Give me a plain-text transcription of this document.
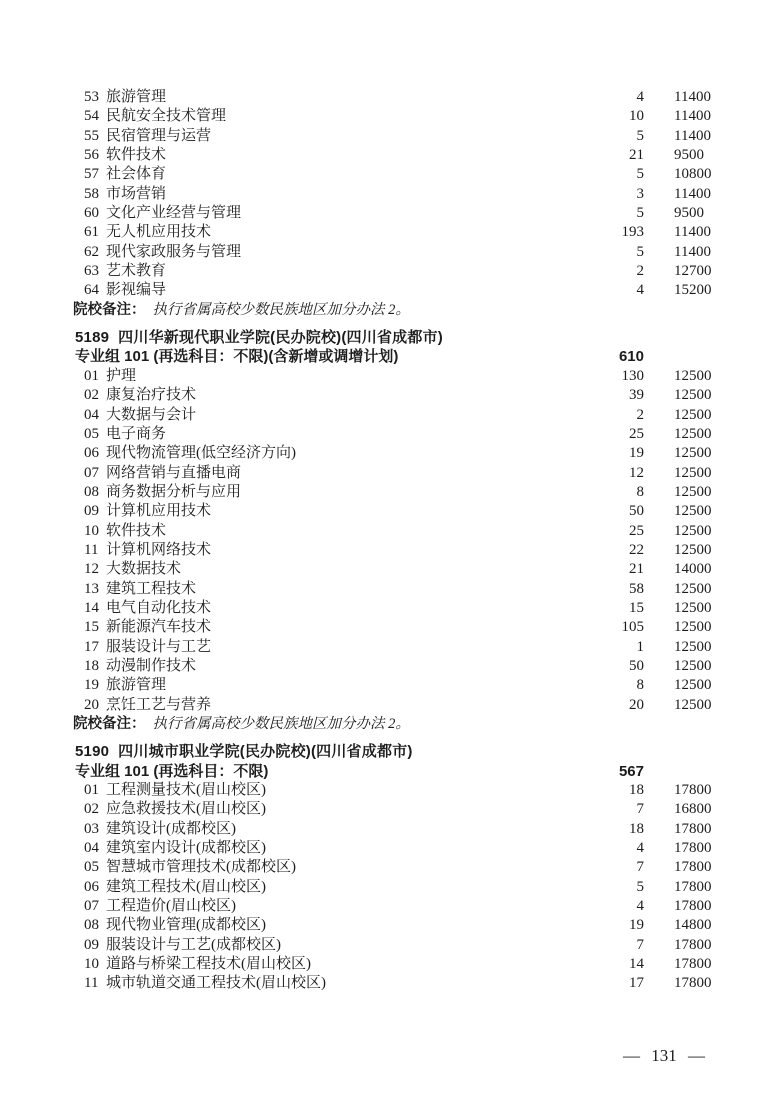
53 旅游管理	4 11400
54 民航安全技术管理	10 11400
55 民宿管理与运营	5 11400
56 软件技术	21 9500
57 社会体育	5 10800
58 市场营销	3 11400
60 文化产业经营与管理	5 9500
61 无人机应用技术	193 11400
62 现代家政服务与管理	5 11400
63 艺术教育	2 12700
64 影视编导	4 15200
院校备注： 执行省属高校少数民族地区加分办法 2。
5189 四川华新现代职业学院(民办院校)(四川省成都市)
专业组 101 (再选科目：不限)(含新增或调增计划)	610
01 护理	130 12500
02 康复治疗技术	39 12500
04 大数据与会计	2 12500
05 电子商务	25 12500
06 现代物流管理(低空经济方向)	19 12500
07 网络营销与直播电商	12 12500
08 商务数据分析与应用	8 12500
09 计算机应用技术	50 12500
10 软件技术	25 12500
11 计算机网络技术	22 12500
12 大数据技术	21 14000
13 建筑工程技术	58 12500
14 电气自动化技术	15 12500
15 新能源汽车技术	105 12500
17 服装设计与工艺	1 12500
18 动漫制作技术	50 12500
19 旅游管理	8 12500
20 烹饪工艺与营养	20 12500
院校备注： 执行省属高校少数民族地区加分办法 2。
5190 四川城市职业学院(民办院校)(四川省成都市)
专业组 101 (再选科目：不限)	567
01 工程测量技术(眉山校区)	18 17800
02 应急救援技术(眉山校区)	7 16800
03 建筑设计(成都校区)	18 17800
04 建筑室内设计(成都校区)	4 17800
05 智慧城市管理技术(成都校区)	7 17800
06 建筑工程技术(眉山校区)	5 17800
07 工程造价(眉山校区)	4 17800
08 现代物业管理(成都校区)	19 14800
09 服装设计与工艺(成都校区)	7 17800
10 道路与桥梁工程技术(眉山校区)	14 17800
11 城市轨道交通工程技术(眉山校区)	17 17800
— 131 —
